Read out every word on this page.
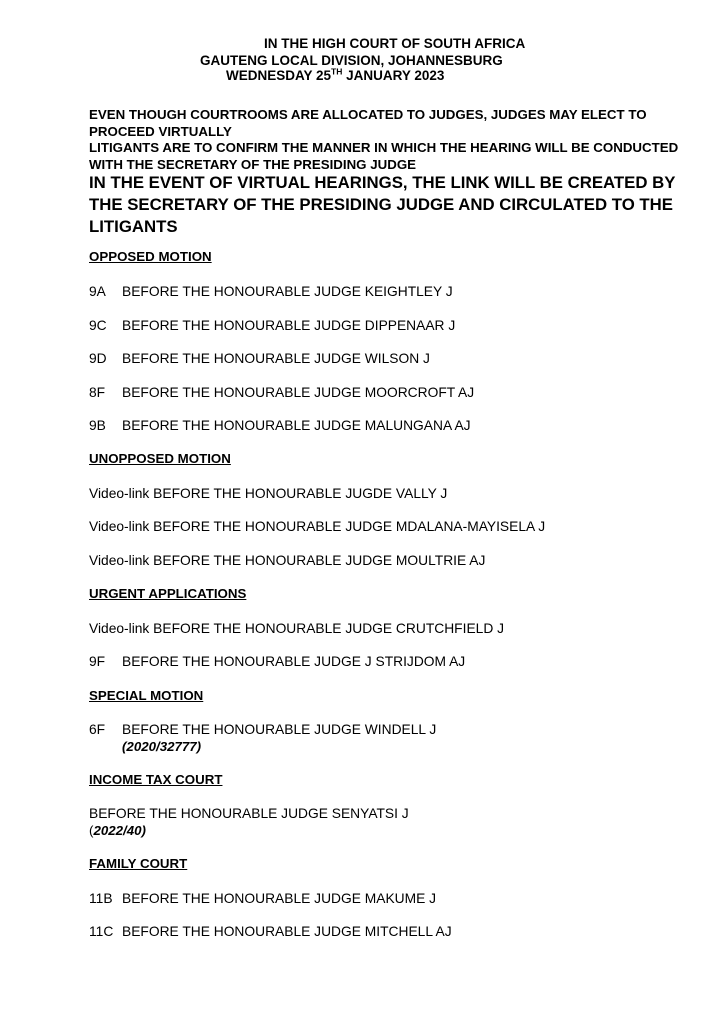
IN THE HIGH COURT OF SOUTH AFRICA
GAUTENG LOCAL DIVISION, JOHANNESBURG
WEDNESDAY 25TH JANUARY 2023
EVEN THOUGH COURTROOMS ARE ALLOCATED TO JUDGES, JUDGES MAY ELECT TO PROCEED VIRTUALLY
LITIGANTS ARE TO CONFIRM THE MANNER IN WHICH THE HEARING WILL BE CONDUCTED WITH THE SECRETARY OF THE PRESIDING JUDGE
IN THE EVENT OF VIRTUAL HEARINGS, THE LINK WILL BE CREATED BY THE SECRETARY OF THE PRESIDING JUDGE AND CIRCULATED TO THE LITIGANTS
OPPOSED MOTION
9A BEFORE THE HONOURABLE JUDGE KEIGHTLEY J
9C BEFORE THE HONOURABLE JUDGE DIPPENAAR J
9D BEFORE THE HONOURABLE JUDGE WILSON J
8F BEFORE THE HONOURABLE JUDGE MOORCROFT AJ
9B BEFORE THE HONOURABLE JUDGE MALUNGANA AJ
UNOPPOSED MOTION
Video-link BEFORE THE HONOURABLE JUGDE VALLY J
Video-link BEFORE THE HONOURABLE JUDGE MDALANA-MAYISELA J
Video-link BEFORE THE HONOURABLE JUDGE MOULTRIE AJ
URGENT APPLICATIONS
Video-link BEFORE THE HONOURABLE JUDGE CRUTCHFIELD J
9F BEFORE THE HONOURABLE JUDGE J STRIJDOM AJ
SPECIAL MOTION
6F BEFORE THE HONOURABLE JUDGE WINDELL J
(2020/32777)
INCOME TAX COURT
BEFORE THE HONOURABLE JUDGE SENYATSI J
(2022/40)
FAMILY COURT
11B BEFORE THE HONOURABLE JUDGE MAKUME J
11C BEFORE THE HONOURABLE JUDGE MITCHELL AJ
